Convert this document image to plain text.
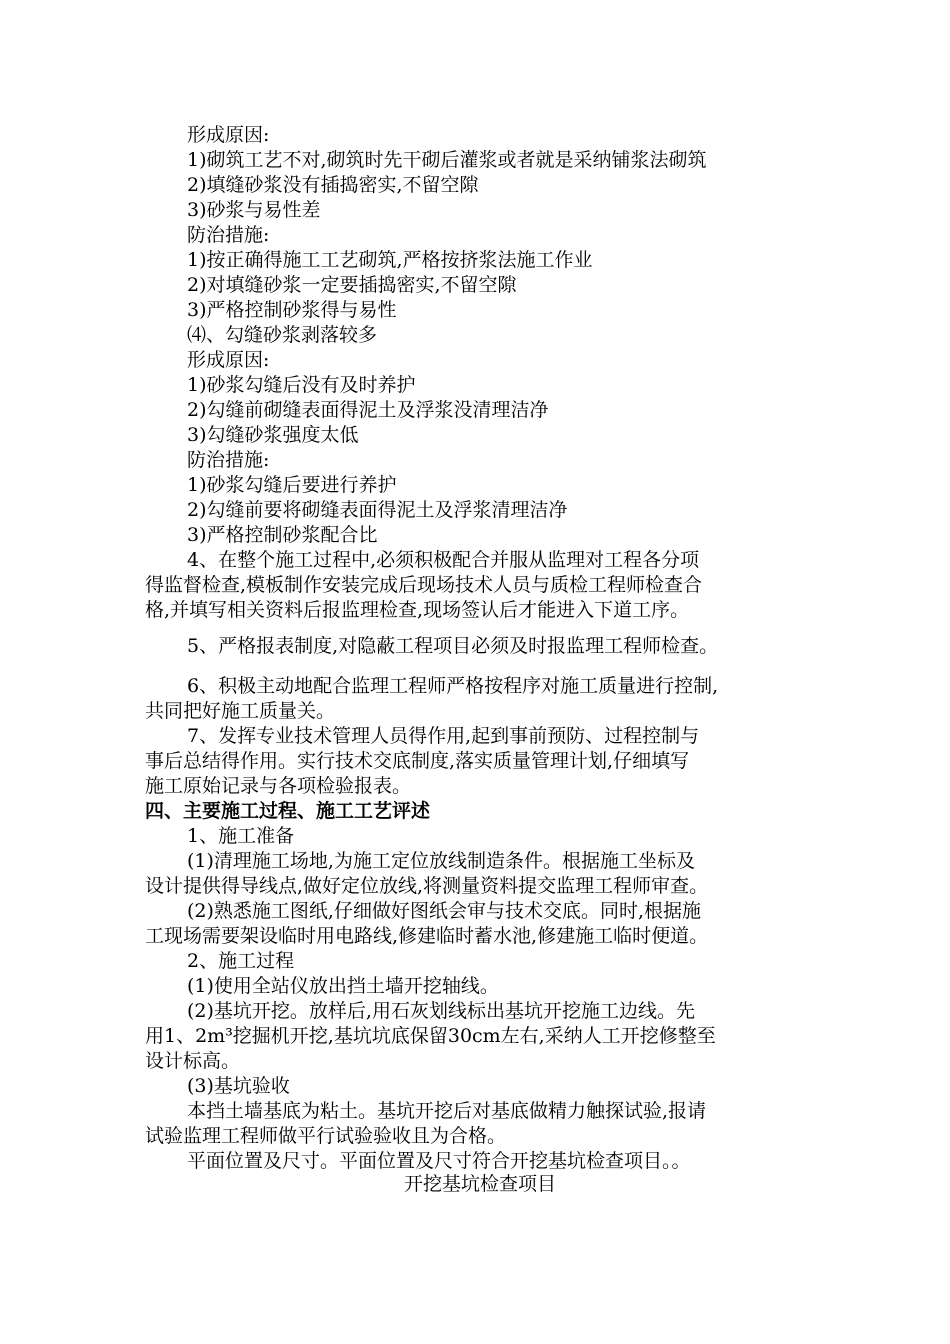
形成原因:
1)砌筑工艺不对,砌筑时先干砌后灌浆或者就是采纳铺浆法砌筑
2)填缝砂浆没有插捣密实,不留空隙
3)砂浆与易性差
防治措施:
1)按正确得施工工艺砌筑,严格按挤浆法施工作业
2)对填缝砂浆一定要插捣密实,不留空隙
3)严格控制砂浆得与易性
⑷、勾缝砂浆剥落较多
形成原因:
1)砂浆勾缝后没有及时养护
2)勾缝前砌缝表面得泥土及浮浆没清理洁净
3)勾缝砂浆强度太低
防治措施:
1)砂浆勾缝后要进行养护
2)勾缝前要将砌缝表面得泥土及浮浆清理洁净
3)严格控制砂浆配合比
4、在整个施工过程中,必须积极配合并服从监理对工程各分项
得监督检查,模板制作安装完成后现场技术人员与质检工程师检查合
格,并填写相关资料后报监理检查,现场签认后才能进入下道工序。
5、严格报表制度,对隐蔽工程项目必须及时报监理工程师检查。
6、积极主动地配合监理工程师严格按程序对施工质量进行控制,
共同把好施工质量关。
7、发挥专业技术管理人员得作用,起到事前预防、过程控制与
事后总结得作用。实行技术交底制度,落实质量管理计划,仔细填写
施工原始记录与各项检验报表。
四、主要施工过程、施工工艺评述
1、施工准备
(1)清理施工场地,为施工定位放线制造条件。根据施工坐标及
设计提供得导线点,做好定位放线,将测量资料提交监理工程师审查。
(2)熟悉施工图纸,仔细做好图纸会审与技术交底。同时,根据施
工现场需要架设临时用电路线,修建临时蓄水池,修建施工临时便道。
2、施工过程
(1)使用全站仪放出挡土墙开挖轴线。
(2)基坑开挖。放样后,用石灰划线标出基坑开挖施工边线。先
用1、2m³挖掘机开挖,基坑坑底保留30cm左右,采纳人工开挖修整至
设计标高。
(3)基坑验收
本挡土墙基底为粘土。基坑开挖后对基底做精力触探试验,报请
试验监理工程师做平行试验验收且为合格。
平面位置及尺寸。平面位置及尺寸符合开挖基坑检查项目。。
开挖基坑检查项目
